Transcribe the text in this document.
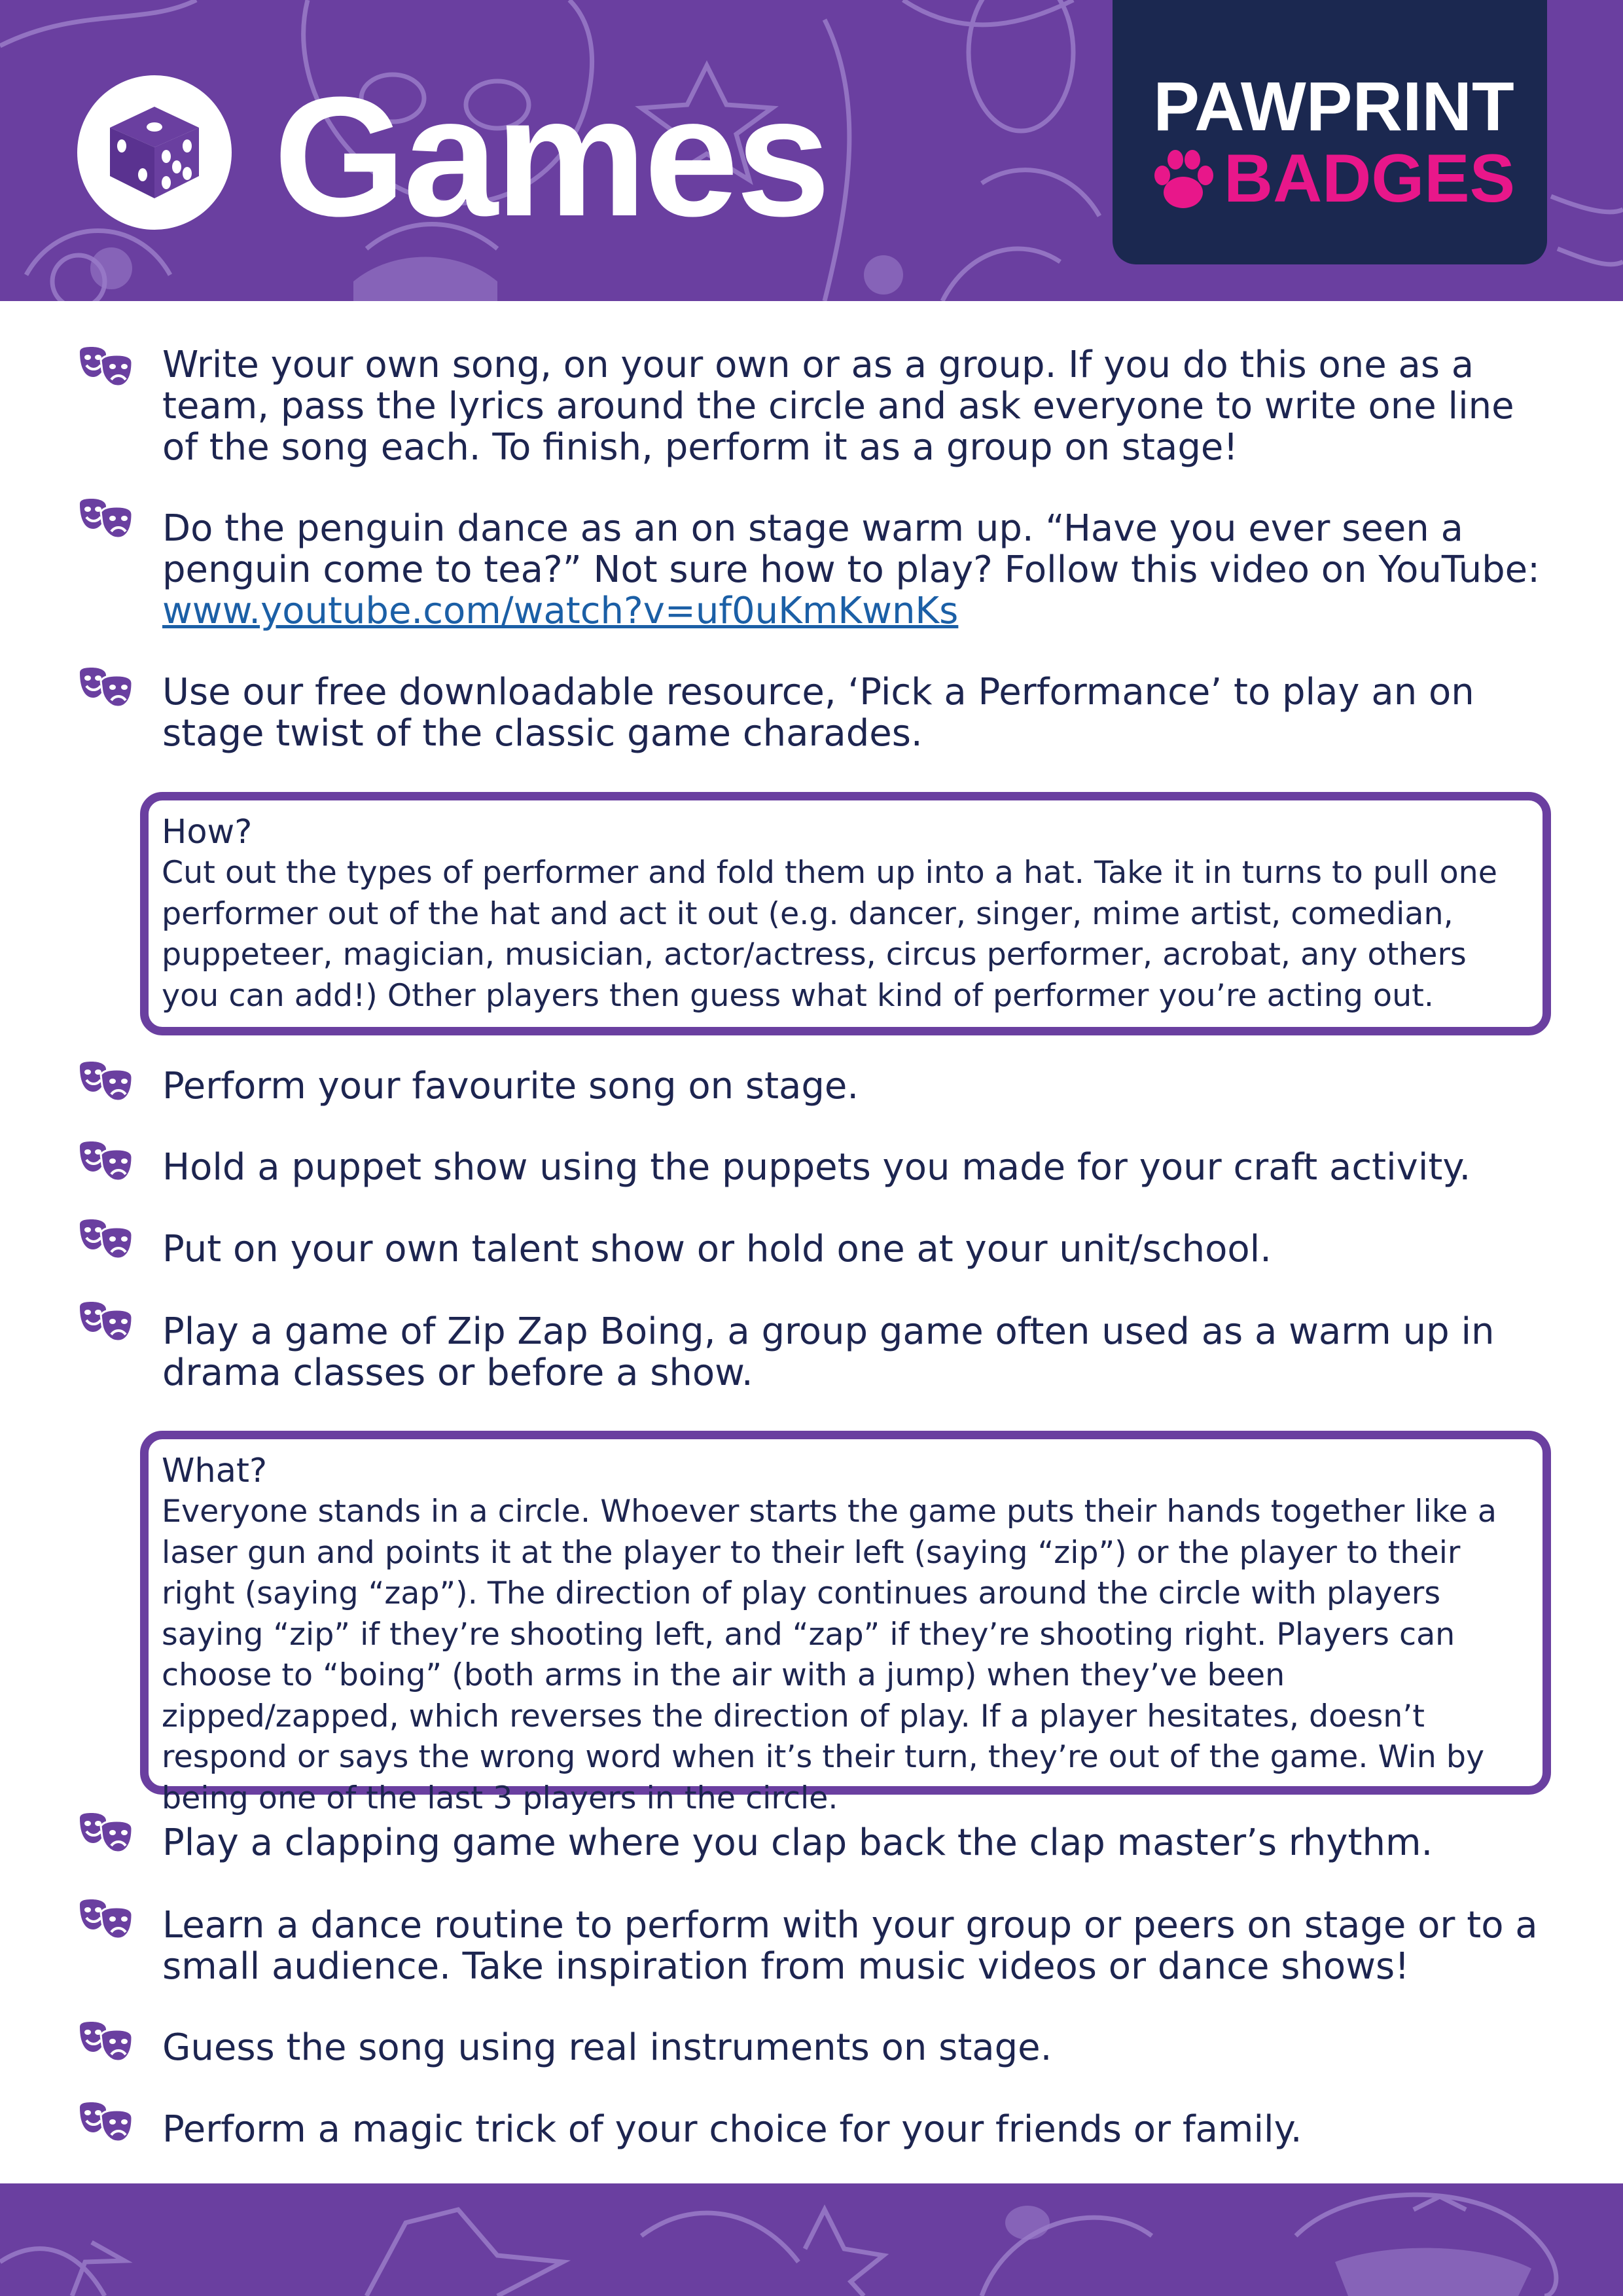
Games	PAWPRINT
BADGES
Write your own song, on your own or as a group. If you do this one as a team, pass the lyrics around the circle and ask everyone to write one line of the song each. To finish, perform it as a group on stage!
Do the penguin dance as an on stage warm up. “Have you ever seen a penguin come to tea?” Not sure how to play? Follow this video on YouTube:
www.youtube.com/watch?v=uf0uKmKwnKs
Use our free downloadable resource, ‘Pick a Performance’ to play an on stage twist of the classic game charades.
How?
Cut out the types of performer and fold them up into a hat. Take it in turns to pull one performer out of the hat and act it out (e.g. dancer, singer, mime artist, comedian, puppeteer, magician, musician, actor/actress, circus performer, acrobat, any others you can add!) Other players then guess what kind of performer you’re acting out.
Perform your favourite song on stage.
Hold a puppet show using the puppets you made for your craft activity.
Put on your own talent show or hold one at your unit/school.
Play a game of Zip Zap Boing, a group game often used as a warm up in drama classes or before a show.
What?
Everyone stands in a circle. Whoever starts the game puts their hands together like a laser gun and points it at the player to their left (saying “zip”) or the player to their right (saying “zap”). The direction of play continues around the circle with players saying “zip” if they’re shooting left, and “zap” if they’re shooting right. Players can choose to “boing” (both arms in the air with a jump) when they’ve been zipped/zapped, which reverses the direction of play. If a player hesitates, doesn’t respond or says the wrong word when it’s their turn, they’re out of the game. Win by being one of the last 3 players in the circle.
Play a clapping game where you clap back the clap master’s rhythm.
Learn a dance routine to perform with your group or peers on stage or to a small audience. Take inspiration from music videos or dance shows!
Guess the song using real instruments on stage.
Perform a magic trick of your choice for your friends or family.
